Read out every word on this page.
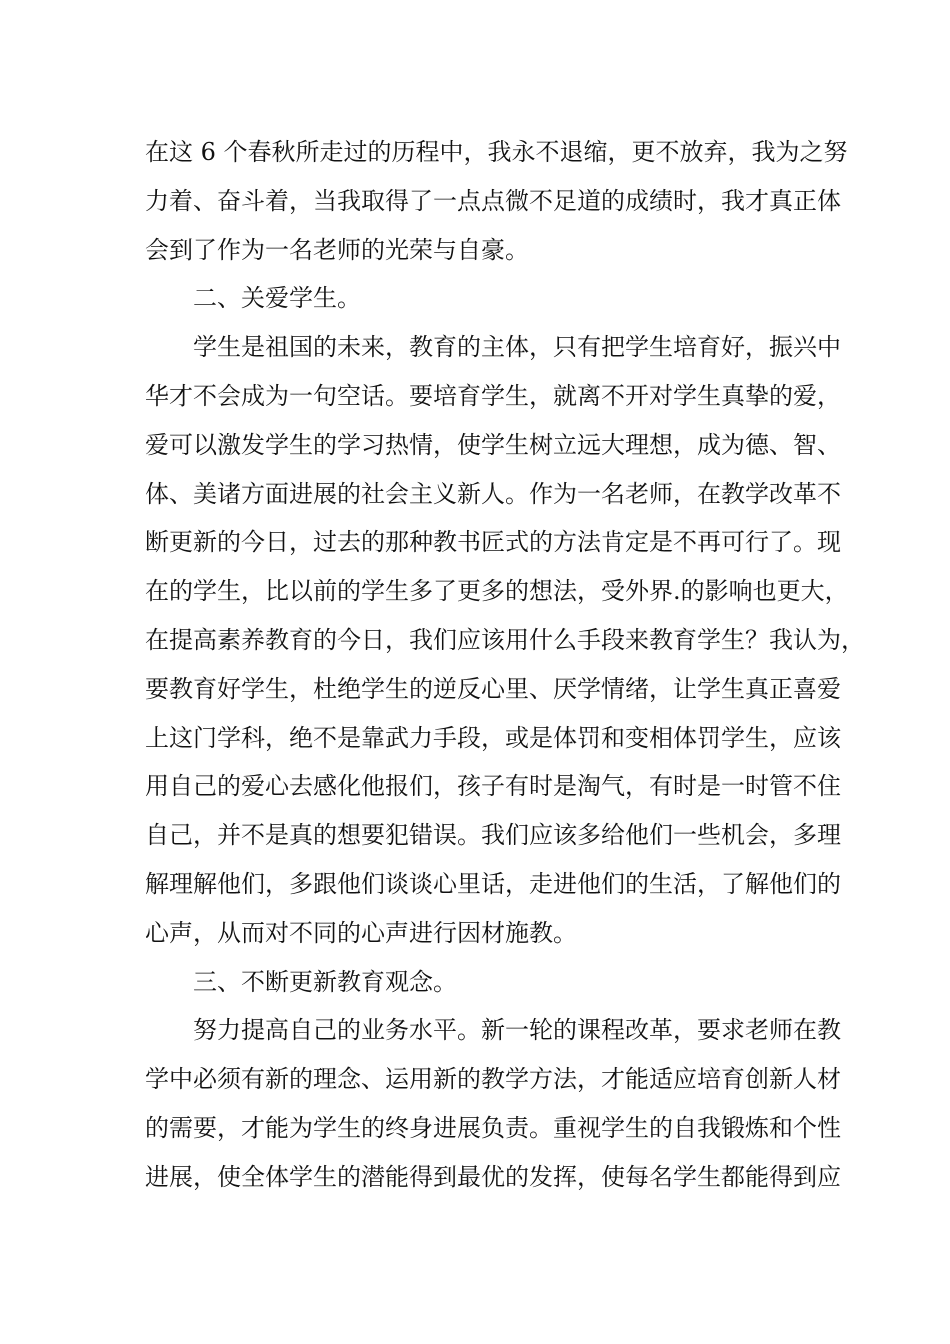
在这 6 个春秋所走过的历程中，我永不退缩，更不放弃，我为之努
力着、奋斗着，当我取得了一点点微不足道的成绩时，我才真正体
会到了作为一名老师的光荣与自豪。
二、关爱学生。
学生是祖国的未来，教育的主体，只有把学生培育好，振兴中
华才不会成为一句空话。要培育学生，就离不开对学生真挚的爱，
爱可以激发学生的学习热情，使学生树立远大理想，成为德、智、
体、美诸方面进展的社会主义新人。作为一名老师，在教学改革不
断更新的今日，过去的那种教书匠式的方法肯定是不再可行了。现
在的学生，比以前的学生多了更多的想法，受外界.的影响也更大，
在提高素养教育的今日，我们应该用什么手段来教育学生？我认为，
要教育好学生，杜绝学生的逆反心里、厌学情绪，让学生真正喜爱
上这门学科，绝不是靠武力手段，或是体罚和变相体罚学生，应该
用自己的爱心去感化他报们，孩子有时是淘气，有时是一时管不住
自己，并不是真的想要犯错误。我们应该多给他们一些机会，多理
解理解他们，多跟他们谈谈心里话，走进他们的生活，了解他们的
心声，从而对不同的心声进行因材施教。
三、不断更新教育观念。
努力提高自己的业务水平。新一轮的课程改革，要求老师在教
学中必须有新的理念、运用新的教学方法，才能适应培育创新人材
的需要，才能为学生的终身进展负责。重视学生的自我锻炼和个性
进展，使全体学生的潜能得到最优的发挥，使每名学生都能得到应
